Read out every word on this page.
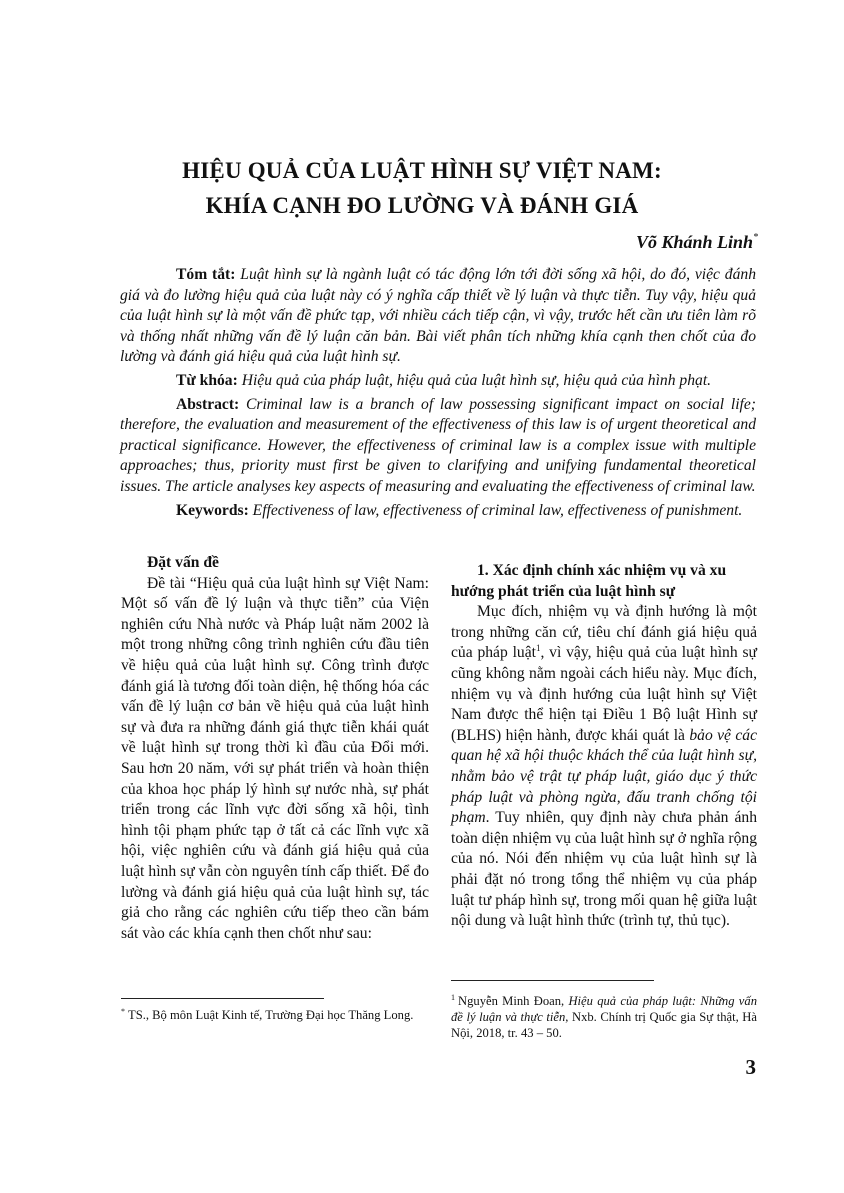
HIỆU QUẢ CỦA LUẬT HÌNH SỰ VIỆT NAM:
KHÍA CẠNH ĐO LƯỜNG VÀ ĐÁNH GIÁ
Võ Khánh Linh*

Tóm tắt: Luật hình sự là ngành luật có tác động lớn tới đời sống xã hội, do đó, việc đánh giá và đo lường hiệu quả của luật này có ý nghĩa cấp thiết về lý luận và thực tiễn. Tuy vậy, hiệu quả của luật hình sự là một vấn đề phức tạp, với nhiều cách tiếp cận, vì vậy, trước hết cần ưu tiên làm rõ và thống nhất những vấn đề lý luận căn bản. Bài viết phân tích những khía cạnh then chốt của đo lường và đánh giá hiệu quả của luật hình sự.

Từ khóa: Hiệu quả của pháp luật, hiệu quả của luật hình sự, hiệu quả của hình phạt.

Abstract: Criminal law is a branch of law possessing significant impact on social life; therefore, the evaluation and measurement of the effectiveness of this law is of urgent theoretical and practical significance. However, the effectiveness of criminal law is a complex issue with multiple approaches; thus, priority must first be given to clarifying and unifying fundamental theoretical issues. The article analyses key aspects of measuring and evaluating the effectiveness of criminal law.

Keywords: Effectiveness of law, effectiveness of criminal law, effectiveness of punishment.

Đặt vấn đề

Đề tài “Hiệu quả của luật hình sự Việt Nam: Một số vấn đề lý luận và thực tiễn” của Viện nghiên cứu Nhà nước và Pháp luật năm 2002 là một trong những công trình nghiên cứu đầu tiên về hiệu quả của luật hình sự. Công trình được đánh giá là tương đối toàn diện, hệ thống hóa các vấn đề lý luận cơ bản về hiệu quả của luật hình sự và đưa ra những đánh giá thực tiễn khái quát về luật hình sự trong thời kì đầu của Đổi mới. Sau hơn 20 năm, với sự phát triển và hoàn thiện của khoa học pháp lý hình sự nước nhà, sự phát triển trong các lĩnh vực đời sống xã hội, tình hình tội phạm phức tạp ở tất cả các lĩnh vực xã hội, việc nghiên cứu và đánh giá hiệu quả của luật hình sự vẫn còn nguyên tính cấp thiết. Để đo lường và đánh giá hiệu quả của luật hình sự, tác giả cho rằng các nghiên cứu tiếp theo cần bám sát vào các khía cạnh then chốt như sau:

1. Xác định chính xác nhiệm vụ và xu hướng phát triển của luật hình sự

Mục đích, nhiệm vụ và định hướng là một trong những căn cứ, tiêu chí đánh giá hiệu quả của pháp luật$^1$, vì vậy, hiệu quả của luật hình sự cũng không nằm ngoài cách hiểu này. Mục đích, nhiệm vụ và định hướng của luật hình sự Việt Nam được thể hiện tại Điều 1 Bộ luật Hình sự (BLHS) hiện hành, được khái quát là bảo vệ các quan hệ xã hội thuộc khách thể của luật hình sự, nhằm bảo vệ trật tự pháp luật, giáo dục ý thức pháp luật và phòng ngừa, đấu tranh chống tội phạm. Tuy nhiên, quy định này chưa phản ánh toàn diện nhiệm vụ của luật hình sự ở nghĩa rộng của nó. Nói đến nhiệm vụ của luật hình sự là phải đặt nó trong tổng thể nhiệm vụ của pháp luật tư pháp hình sự, trong mối quan hệ giữa luật nội dung và luật hình thức (trình tự, thủ tục).

* TS., Bộ môn Luật Kinh tế, Trường Đại học Thăng Long.
$^1$ Nguyễn Minh Đoan, Hiệu quả của pháp luật: Những vấn đề lý luận và thực tiễn, Nxb. Chính trị Quốc gia Sự thật, Hà Nội, 2018, tr. 43 – 50.
3
